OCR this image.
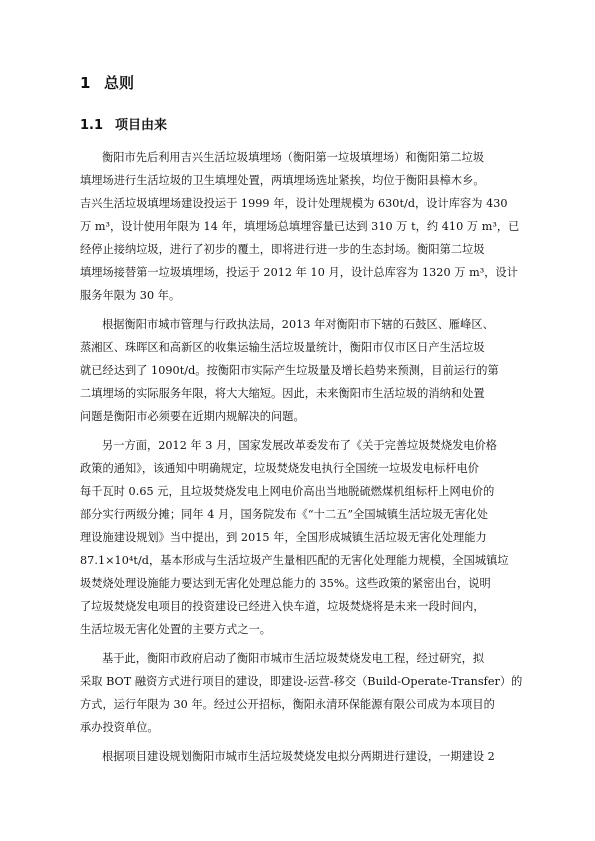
1 总则
1.1 项目由来
衡阳市先后利用吉兴生活垃圾填埋场（衡阳第一垃圾填埋场）和衡阳第二垃圾
填埋场进行生活垃圾的卫生填埋处置，两填埋场选址紧挨，均位于衡阳县樟木乡。
吉兴生活垃圾填埋场建设投运于 1999 年，设计处理规模为 630t/d，设计库容为 430
万 m³，设计使用年限为 14 年，填埋场总填埋容量已达到 310 万 t，约 410 万 m³，已
经停止接纳垃圾，进行了初步的覆土，即将进行进一步的生态封场。衡阳第二垃圾
填埋场接替第一垃圾填埋场，投运于 2012 年 10 月，设计总库容为 1320 万 m³，设计
服务年限为 30 年。
根据衡阳市城市管理与行政执法局，2013 年对衡阳市下辖的石鼓区、雁峰区、
蒸湘区、珠晖区和高新区的收集运输生活垃圾量统计，衡阳市仅市区日产生活垃圾
就已经达到了 1090t/d。按衡阳市实际产生垃圾量及增长趋势来预测，目前运行的第
二填埋场的实际服务年限，将大大缩短。因此，未来衡阳市生活垃圾的消纳和处置
问题是衡阳市必须要在近期内规解决的问题。
另一方面，2012 年 3 月，国家发展改革委发布了《关于完善垃圾焚烧发电价格
政策的通知》，该通知中明确规定，垃圾焚烧发电执行全国统一垃圾发电标杆电价
每千瓦时 0.65 元，且垃圾焚烧发电上网电价高出当地脱硫燃煤机组标杆上网电价的
部分实行两级分摊；同年 4 月，国务院发布《“十二五”全国城镇生活垃圾无害化处
理设施建设规划》当中提出，到 2015 年，全国形成城镇生活垃圾无害化处理能力
87.1×10⁴t/d，基本形成与生活垃圾产生量相匹配的无害化处理能力规模，全国城镇垃
圾焚烧处理设施能力要达到无害化处理总能力的 35%。这些政策的紧密出台，说明
了垃圾焚烧发电项目的投资建设已经进入快车道，垃圾焚烧将是未来一段时间内，
生活垃圾无害化处置的主要方式之一。
基于此，衡阳市政府启动了衡阳市城市生活垃圾焚烧发电工程，经过研究，拟
采取 BOT 融资方式进行项目的建设，即建设-运营-移交（Build-Operate-Transfer）的
方式，运行年限为 30 年。经过公开招标，衡阳永清环保能源有限公司成为本项目的
承办投资单位。
根据项目建设规划衡阳市城市生活垃圾焚烧发电拟分两期进行建设，一期建设 2
